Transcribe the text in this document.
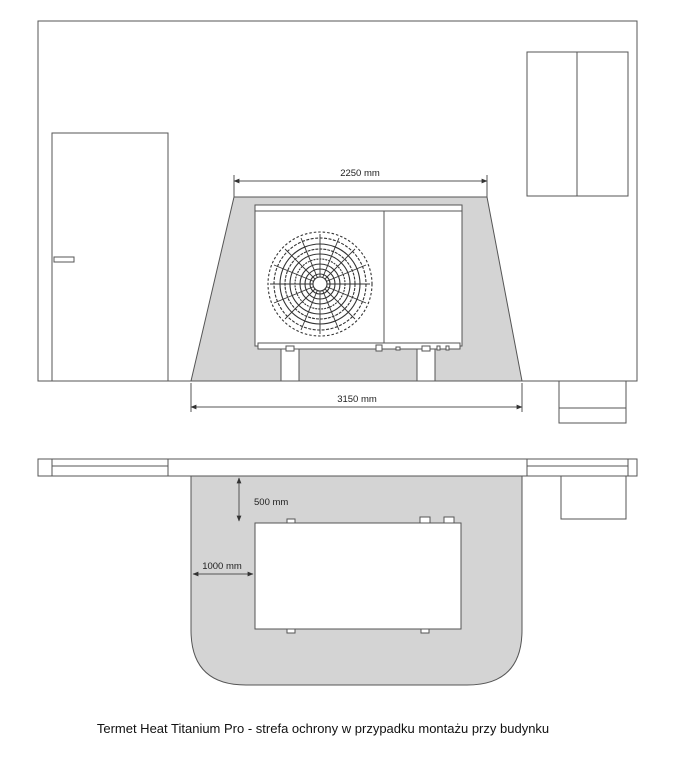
2250 mm
3150 mm
500 mm
1000 mm
Termet Heat Titanium Pro - strefa ochrony w przypadku montażu przy budynku
